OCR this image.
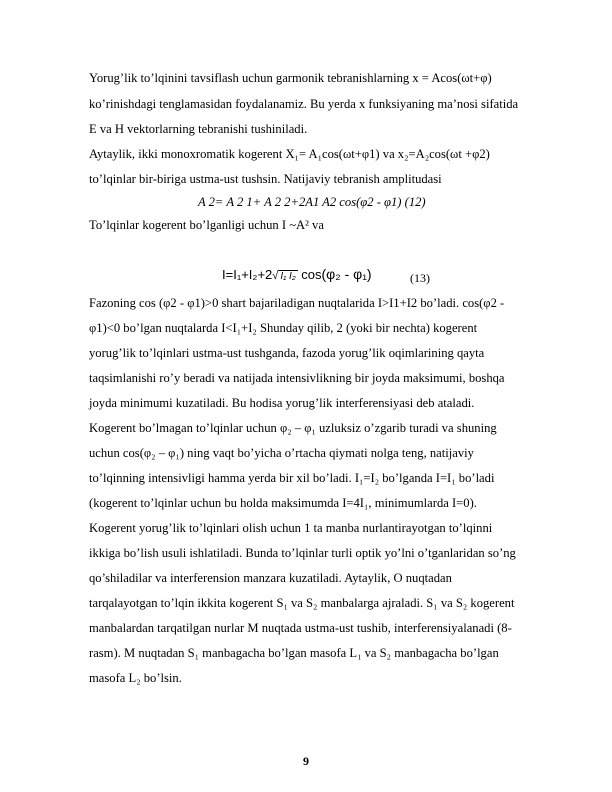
Yorug’lik to’lqinini tavsiflash uchun garmonik tebranishlarning x = Acos(ωt+φ)
ko’rinishdagi tenglamasidan foydalanamiz. Bu yerda x funksiyaning ma’nosi sifatida
E va H vektorlarning tebranishi tushiniladi.
Aytaylik, ikki monoxromatik kogerent X₁= A₁cos(ωt+φ1) va x₂=A₂cos(ωt +φ2)
to’lqinlar bir-biriga ustma-ust tushsin. Natijaviy tebranish amplitudasi
A 2= A 2 1+ A 2 2+2A1 A2 cos(φ2 - φ1) (12)
To’lqinlar kogerent bo’lganligi uchun I ~A² va
I=I₁+I₂+2√ I₁ I₂ cos(φ₂ - φ₁)	(13)
Fazoning cos (φ2 - φ1)>0 shart bajariladigan nuqtalarida I>I1+I2 bo’ladi. cos(φ2 -
φ1)<0 bo’lgan nuqtalarda I<I₁+I₂ Shunday qilib, 2 (yoki bir nechta) kogerent
yorug’lik to’lqinlari ustma-ust tushganda, fazoda yorug’lik oqimlarining qayta
taqsimlanishi ro’y beradi va natijada intensivlikning bir joyda maksimumi, boshqa
joyda minimumi kuzatiladi. Bu hodisa yorug’lik interferensiyasi deb ataladi.
Kogerent bo’lmagan to’lqinlar uchun φ₂ – φ₁ uzluksiz o’zgarib turadi va shuning
uchun cos(φ₂ – φ₁) ning vaqt bo’yicha o’rtacha qiymati nolga teng, natijaviy
to’lqinning intensivligi hamma yerda bir xil bo’ladi. I₁=I₂ bo’lganda I=I₁ bo’ladi
(kogerent to’lqinlar uchun bu holda maksimumda I=4I₁, minimumlarda I=0).
Kogerent yorug’lik to’lqinlari olish uchun 1 ta manba nurlantirayotgan to’lqinni
ikkiga bo’lish usuli ishlatiladi. Bunda to’lqinlar turli optik yo’lni o’tganlaridan so’ng
qo’shiladilar va interferension manzara kuzatiladi. Aytaylik, O nuqtadan
tarqalayotgan to’lqin ikkita kogerent S₁ va S₂ manbalarga ajraladi. S₁ va S₂ kogerent
manbalardan tarqatilgan nurlar M nuqtada ustma-ust tushib, interferensiyalanadi (8-
rasm). M nuqtadan S₁ manbagacha bo’lgan masofa L₁ va S₂ manbagacha bo’lgan
masofa L₂ bo’lsin.
9
